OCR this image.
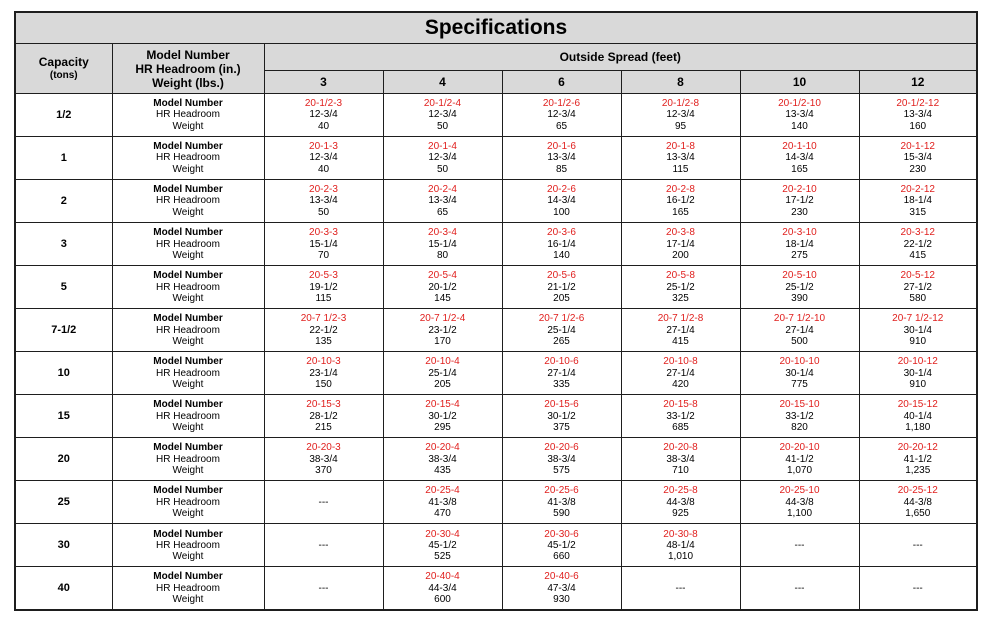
Specifications							

Capacity
(tons)	Model Number
HR Headroom (in.)
Weight (lbs.)	Outside Spread (feet)					
		3	4	6	8	10	12
1/2	Model Number
HR Headroom
Weight	20-1/2-3
12-3/4
40	20-1/2-4
12-3/4
50	20-1/2-6
12-3/4
65	20-1/2-8
12-3/4
95	20-1/2-10
13-3/4
140	20-1/2-12
13-3/4
160

1	Model Number
HR Headroom
Weight	20-1-3
12-3/4
40	20-1-4
12-3/4
50	20-1-6
13-3/4
85	20-1-8
13-3/4
115	20-1-10
14-3/4
165	20-1-12
15-3/4
230

2	Model Number
HR Headroom
Weight	20-2-3
13-3/4
50	20-2-4
13-3/4
65	20-2-6
14-3/4
100	20-2-8
16-1/2
165	20-2-10
17-1/2
230	20-2-12
18-1/4
315

3	Model Number
HR Headroom
Weight	20-3-3
15-1/4
70	20-3-4
15-1/4
80	20-3-6
16-1/4
140	20-3-8
17-1/4
200	20-3-10
18-1/4
275	20-3-12
22-1/2
415

5	Model Number
HR Headroom
Weight	20-5-3
19-1/2
115	20-5-4
20-1/2
145	20-5-6
21-1/2
205	20-5-8
25-1/2
325	20-5-10
25-1/2
390	20-5-12
27-1/2
580

7-1/2	Model Number
HR Headroom
Weight	20-7 1/2-3
22-1/2
135	20-7 1/2-4
23-1/2
170	20-7 1/2-6
25-1/4
265	20-7 1/2-8
27-1/4
415	20-7 1/2-10
27-1/4
500	20-7 1/2-12
30-1/4
910

10	Model Number
HR Headroom
Weight	20-10-3
23-1/4
150	20-10-4
25-1/4
205	20-10-6
27-1/4
335	20-10-8
27-1/4
420	20-10-10
30-1/4
775	20-10-12
30-1/4
910

15	Model Number
HR Headroom
Weight	20-15-3
28-1/2
215	20-15-4
30-1/2
295	20-15-6
30-1/2
375	20-15-8
33-1/2
685	20-15-10
33-1/2
820	20-15-12
40-1/4
1,180

20	Model Number
HR Headroom
Weight	20-20-3
38-3/4
370	20-20-4
38-3/4
435	20-20-6
38-3/4
575	20-20-8
38-3/4
710	20-20-10
41-1/2
1,070	20-20-12
41-1/2
1,235

25	Model Number
HR Headroom
Weight	---	20-25-4
41-3/8
470	20-25-6
41-3/8
590	20-25-8
44-3/8
925	20-25-10
44-3/8
1,100	20-25-12
44-3/8
1,650

30	Model Number
HR Headroom
Weight	---	20-30-4
45-1/2
525	20-30-6
45-1/2
660	20-30-8
48-1/4
1,010	---	---

40	Model Number
HR Headroom
Weight	---	20-40-4
44-3/4
600	20-40-6
47-3/4
930	---	---	---
